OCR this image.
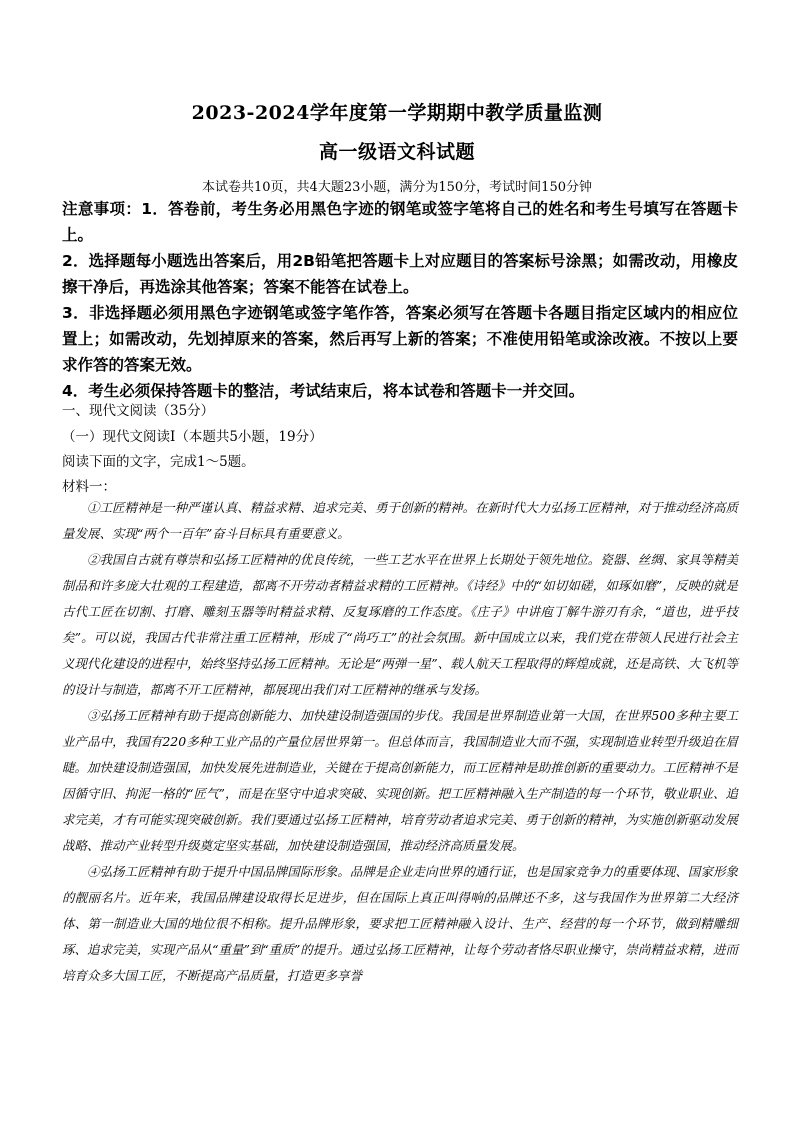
2023-2024学年度第一学期期中教学质量监测
高一级语文科试题
本试卷共10页，共4大题23小题，满分为150分，考试时间150分钟

注意事项：1．答卷前，考生务必用黑色字迹的钢笔或签字笔将自己的姓名和考生号填写在答题卡上。

2．选择题每小题选出答案后，用2B铅笔把答题卡上对应题目的答案标号涂黑；如需改动，用橡皮擦干净后，再选涂其他答案；答案不能答在试卷上。

3．非选择题必须用黑色字迹钢笔或签字笔作答，答案必须写在答题卡各题目指定区域内的相应位置上；如需改动，先划掉原来的答案，然后再写上新的答案；不准使用铅笔或涂改液。不按以上要求作答的答案无效。

4．考生必须保持答题卡的整洁，考试结束后，将本试卷和答题卡一并交回。

一、现代文阅读（35分）
（一）现代文阅读Ⅰ（本题共5小题，19分）
阅读下面的文字，完成1～5题。
材料一：

①工匠精神是一种严谨认真、精益求精、追求完美、勇于创新的精神。在新时代大力弘扬工匠精神，对于推动经济高质量发展、实现“两个一百年”奋斗目标具有重要意义。

②我国自古就有尊崇和弘扬工匠精神的优良传统，一些工艺水平在世界上长期处于领先地位。瓷器、丝绸、家具等精美制品和许多庞大壮观的工程建造，都离不开劳动者精益求精的工匠精神。《诗经》中的“如切如磋，如琢如磨”，反映的就是古代工匠在切割、打磨、雕刻玉器等时精益求精、反复琢磨的工作态度。《庄子》中讲庖丁解牛游刃有余，“道也，进乎技矣”。可以说，我国古代非常注重工匠精神，形成了“尚巧工”的社会氛围。新中国成立以来，我们党在带领人民进行社会主义现代化建设的进程中，始终坚持弘扬工匠精神。无论是“两弹一星”、载人航天工程取得的辉煌成就，还是高铁、大飞机等的设计与制造，都离不开工匠精神，都展现出我们对工匠精神的继承与发扬。

③弘扬工匠精神有助于提高创新能力、加快建设制造强国的步伐。我国是世界制造业第一大国，在世界500多种主要工业产品中，我国有220多种工业产品的产量位居世界第一。但总体而言，我国制造业大而不强，实现制造业转型升级迫在眉睫。加快建设制造强国，加快发展先进制造业，关键在于提高创新能力，而工匠精神是助推创新的重要动力。工匠精神不是因循守旧、拘泥一格的“匠气”，而是在坚守中追求突破、实现创新。把工匠精神融入生产制造的每一个环节，敬业职业、追求完美，才有可能实现突破创新。我们要通过弘扬工匠精神，培育劳动者追求完美、勇于创新的精神，为实施创新驱动发展战略、推动产业转型升级奠定坚实基础，加快建设制造强国，推动经济高质量发展。

④弘扬工匠精神有助于提升中国品牌国际形象。品牌是企业走向世界的通行证，也是国家竞争力的重要体现、国家形象的靓丽名片。近年来，我国品牌建设取得长足进步，但在国际上真正叫得响的品牌还不多，这与我国作为世界第二大经济体、第一制造业大国的地位很不相称。提升品牌形象，要求把工匠精神融入设计、生产、经营的每一个环节，做到精雕细琢、追求完美，实现产品从“重量”到“重质”的提升。通过弘扬工匠精神，让每个劳动者恪尽职业操守，崇尚精益求精，进而培育众多大国工匠，不断提高产品质量，打造更多享誉
